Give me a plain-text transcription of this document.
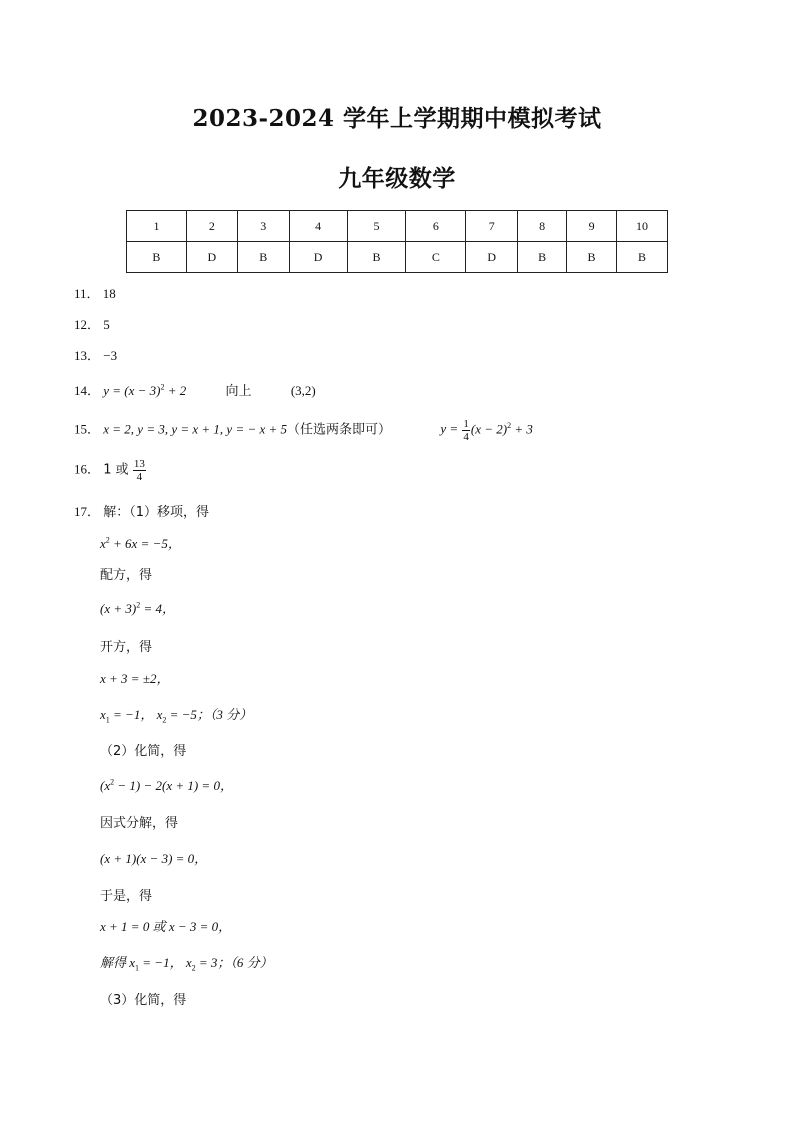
2023-2024 学年上学期期中模拟考试
九年级数学
1	2	3	4	5	6	7	8	9	10
B	D	B	D	B	C	D	B	B	B
11． 18
12． 5
13． −3
14． $y = (x - 3)^2 + 2$	向上	(3,2)
15． x = 2, y = 3, y = x + 1, y = − x + 5（任选两条即可）	$y = \frac{1}{4} (x - 2)^2 + 3$
16． 1 或 $\frac{13}{4}$
17． 解：（1）移项，得
$x^2 + 6x = -5$，
配方，得
$(x + 3)^2 = 4$，
开方，得
x + 3 = ±2，
$x_1 = -1$， $x_2 = -5$；（3 分）
（2）化简，得
$(x^2 - 1) - 2(x + 1) = 0$，
因式分解，得
(x + 1)(x − 3) = 0，
于是，得
x + 1 = 0 或 x − 3 = 0，
解得 $x_1 = -1$， $x_2 = 3$；（6 分）
（3）化简，得
